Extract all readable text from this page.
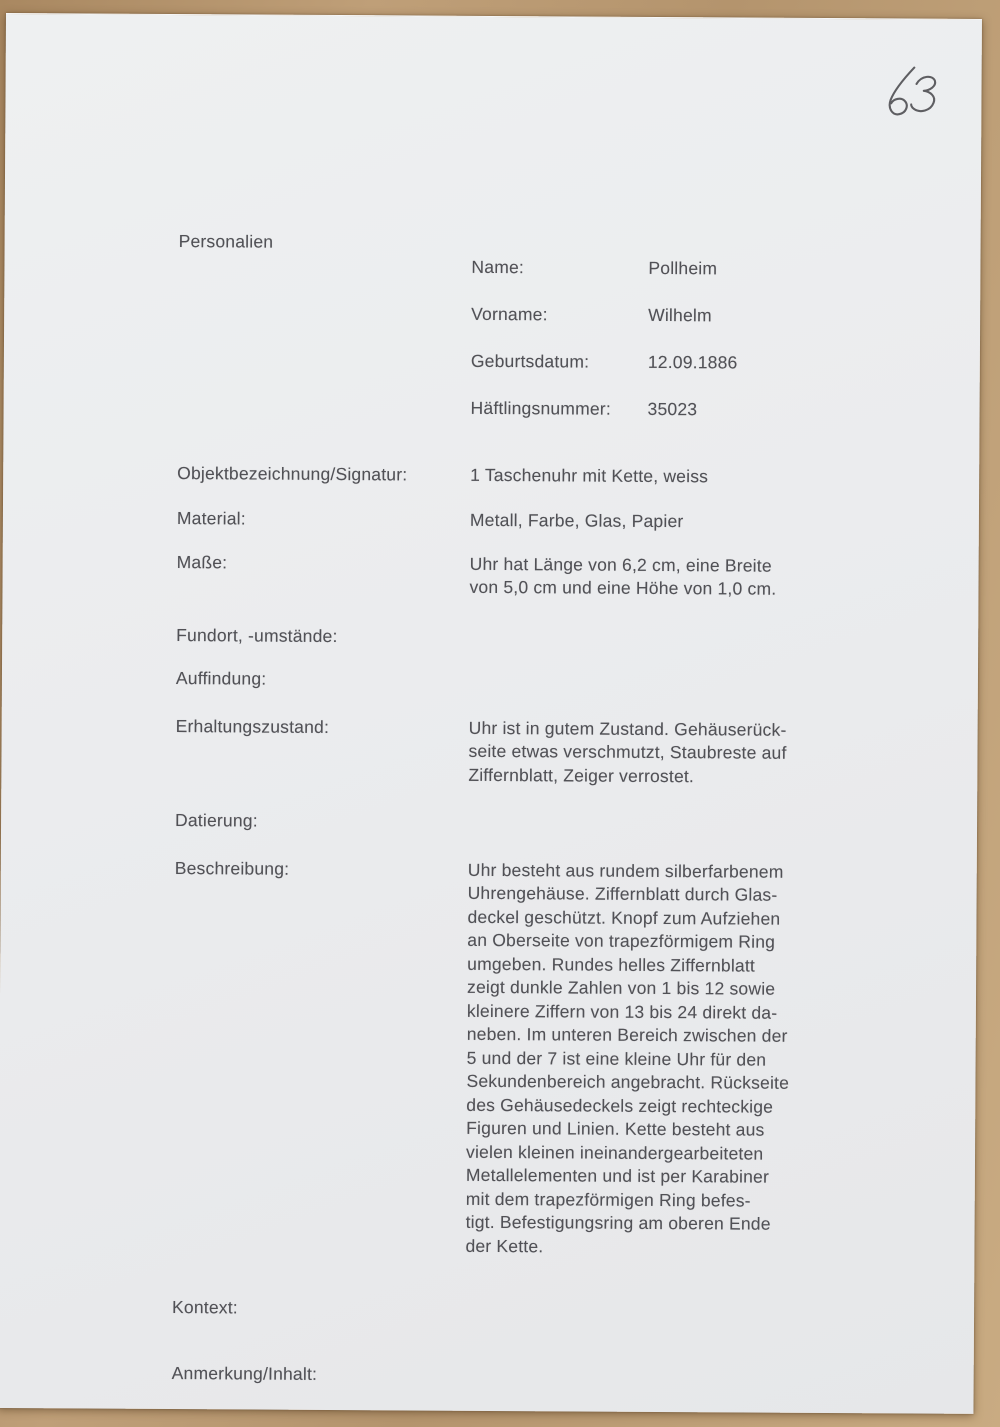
Personalien

Name:	Pollheim

Vorname:	Wilhelm

Geburtsdatum:	12.09.1886

Häftlingsnummer:	35023

Objektbezeichnung/Signatur:	1 Taschenuhr mit Kette, weiss
Material:	Metall, Farbe, Glas, Papier
Maße:	Uhr hat Länge von 6,2 cm, eine Breite
von 5,0 cm und eine Höhe von 1,0 cm.
Fundort, -umstände:
Auffindung:
Erhaltungszustand:	Uhr ist in gutem Zustand. Gehäuserück-
seite etwas verschmutzt, Staubreste auf
Ziffernblatt, Zeiger verrostet.
Datierung:
Beschreibung:	Uhr besteht aus rundem silberfarbenem
Uhrengehäuse. Ziffernblatt durch Glas-
deckel geschützt. Knopf zum Aufziehen
an Oberseite von trapezförmigem Ring
umgeben. Rundes helles Ziffernblatt
zeigt dunkle Zahlen von 1 bis 12 sowie
kleinere Ziffern von 13 bis 24 direkt da-
neben. Im unteren Bereich zwischen der
5 und der 7 ist eine kleine Uhr für den
Sekundenbereich angebracht. Rückseite
des Gehäusedeckels zeigt rechteckige
Figuren und Linien. Kette besteht aus
vielen kleinen ineinandergearbeiteten
Metallelementen und ist per Karabiner
mit dem trapezförmigen Ring befes-
tigt. Befestigungsring am oberen Ende
der Kette.
Kontext:
Anmerkung/Inhalt:
